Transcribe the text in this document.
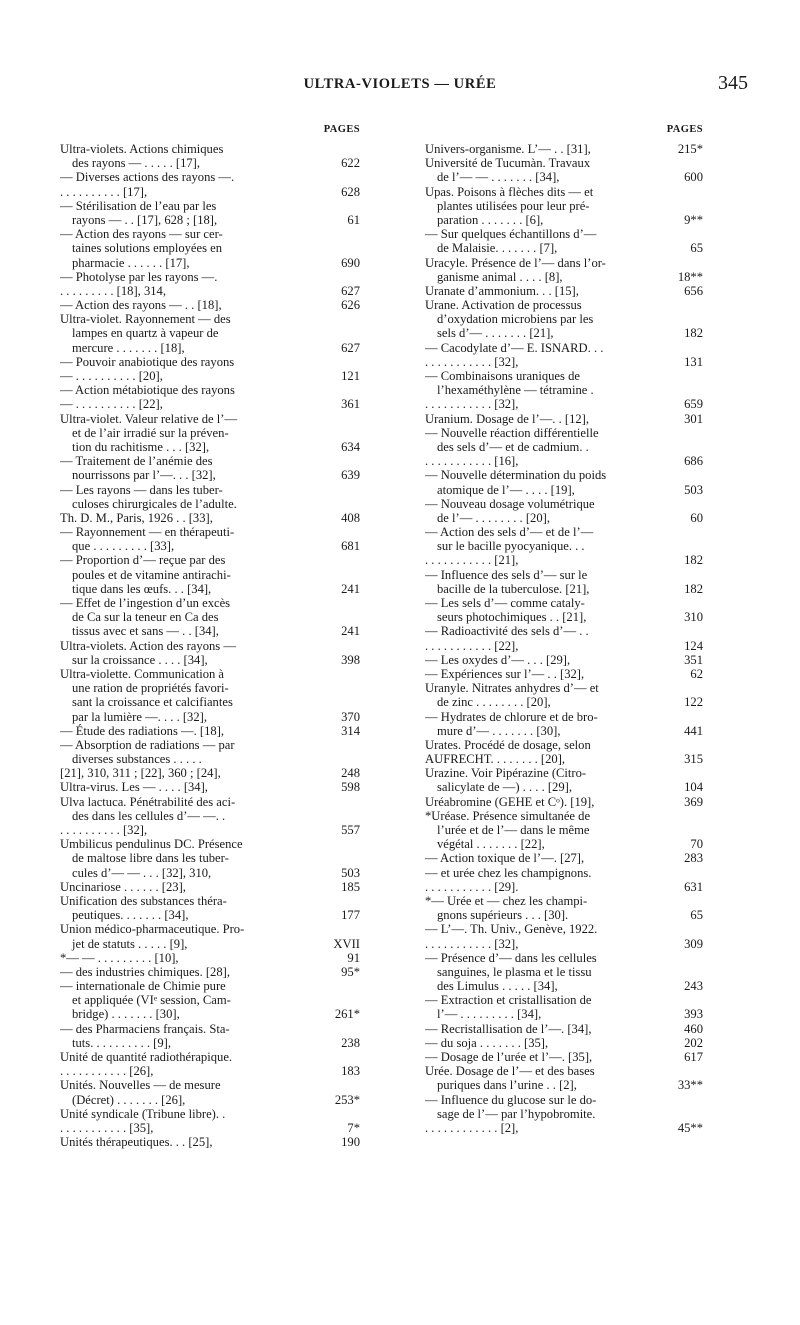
ULTRA-VIOLETS — URÉE	345
PAGES
Ultra-violets. Actions chimiques
des rayons — . . . . . [17],	622
— Diverses actions des rayons —.
. . . . . . . . . . [17],	628
— Stérilisation de l’eau par les
rayons — . . [17], 628 ; [18],	61
— Action des rayons — sur cer-
taines solutions employées en
pharmacie . . . . . . [17],	690
— Photolyse par les rayons —.
. . . . . . . . . [18], 314,	627
— Action des rayons — . . [18],	626
Ultra-violet. Rayonnement — des
lampes en quartz à vapeur de
mercure . . . . . . . [18],	627
— Pouvoir anabiotique des rayons
— . . . . . . . . . . [20],	121
— Action métabiotique des rayons
— . . . . . . . . . . [22],	361
Ultra-violet. Valeur relative de l’—
et de l’air irradié sur la préven-
tion du rachitisme . . . [32],	634
— Traitement de l’anémie des
nourrissons par l’—. . . [32],	639
— Les rayons — dans les tuber-
culoses chirurgicales de l’adulte.
Th. D. M., Paris, 1926 . . [33],	408
— Rayonnement — en thérapeuti-
que . . . . . . . . . [33],	681
— Proportion d’— reçue par des
poules et de vitamine antirachi-
tique dans les œufs. . . [34],	241
— Effet de l’ingestion d’un excès
de Ca sur la teneur en Ca des
tissus avec et sans — . . [34],	241
Ultra-violets. Action des rayons —
sur la croissance . . . . [34],	398
Ultra-violette. Communication à
une ration de propriétés favori-
sant la croissance et calcifiantes
par la lumière —. . . . [32],	370
— Étude des radiations —. [18],	314
— Absorption de radiations — par
diverses substances . . . . .
[21], 310, 311 ; [22], 360 ; [24],	248
Ultra-virus. Les — . . . . [34],	598
Ulva lactuca. Pénétrabilité des aci-
des dans les cellules d’— —. .
. . . . . . . . . . [32],	557
Umbilicus pendulinus DC. Présence
de maltose libre dans les tuber-
cules d’— — . . . [32], 310,	503
Uncinariose . . . . . . [23],	185
Unification des substances théra-
peutiques. . . . . . . [34],	177
Union médico-pharmaceutique. Pro-
jet de statuts . . . . . [9],	XVII
*— — . . . . . . . . . [10],	91
— des industries chimiques. [28],	95*
— internationale de Chimie pure
et appliquée (VIᵉ session, Cam-
bridge) . . . . . . . [30],	261*
— des Pharmaciens français. Sta-
tuts. . . . . . . . . . [9],	238
Unité de quantité radiothérapique.
. . . . . . . . . . . [26],	183
Unités. Nouvelles — de mesure
(Décret) . . . . . . . [26],	253*
Unité syndicale (Tribune libre). .
. . . . . . . . . . . [35],	7*
Unités thérapeutiques. . . [25],	190
PAGES
Univers-organisme. L’— . . [31],	215*
Université de Tucumàn. Travaux
de l’— — . . . . . . . [34],	600
Upas. Poisons à flèches dits — et
plantes utilisées pour leur pré-
paration . . . . . . . [6],	9**
— Sur quelques échantillons d’—
de Malaisie. . . . . . . [7],	65
Uracyle. Présence de l’— dans l’or-
ganisme animal . . . . [8],	18**
Uranate d’ammonium. . . [15],	656
Urane. Activation de processus
d’oxydation microbiens par les
sels d’— . . . . . . . [21],	182
— Cacodylate d’— E. ISNARD. . .
. . . . . . . . . . . [32],	131
— Combinaisons uraniques de
l’hexaméthylène — tétramine .
. . . . . . . . . . . [32],	659
Uranium. Dosage de l’—. . [12],	301
— Nouvelle réaction différentielle
des sels d’— et de cadmium. .
. . . . . . . . . . . [16],	686
— Nouvelle détermination du poids
atomique de l’— . . . . [19],	503
— Nouveau dosage volumétrique
de l’— . . . . . . . . [20],	60
— Action des sels d’— et de l’—
sur le bacille pyocyanique. . .
. . . . . . . . . . . [21],	182
— Influence des sels d’— sur le
bacille de la tuberculose. [21],	182
— Les sels d’— comme cataly-
seurs photochimiques . . [21],	310
— Radioactivité des sels d’— . .
. . . . . . . . . . . [22],	124
— Les oxydes d’— . . . [29],	351
— Expériences sur l’— . . [32],	62
Uranyle. Nitrates anhydres d’— et
de zinc . . . . . . . . [20],	122
— Hydrates de chlorure et de bro-
mure d’— . . . . . . . [30],	441
Urates. Procédé de dosage, selon
AUFRECHT. . . . . . . . [20],	315
Urazine. Voir Pipérazine (Citro-
salicylate de —) . . . . [29],	104
Uréabromine (GEHE et Cᵒ). [19],	369
*Uréase. Présence simultanée de
l’urée et de l’— dans le même
végétal . . . . . . . [22],	70
— Action toxique de l’—. [27],	283
— et urée chez les champignons.
. . . . . . . . . . . [29].	631
*— Urée et — chez les champi-
gnons supérieurs . . . [30].	65
— L’—. Th. Univ., Genève, 1922.
. . . . . . . . . . . [32],	309
— Présence d’— dans les cellules
sanguines, le plasma et le tissu
des Limulus . . . . . [34],	243
— Extraction et cristallisation de
l’— . . . . . . . . . [34],	393
— Recristallisation de l’—. [34],	460
— du soja . . . . . . . [35],	202
— Dosage de l’urée et l’—. [35],	617
Urée. Dosage de l’— et des bases
puriques dans l’urine . . [2],	33**
— Influence du glucose sur le do-
sage de l’— par l’hypobromite.
. . . . . . . . . . . . [2],	45**
